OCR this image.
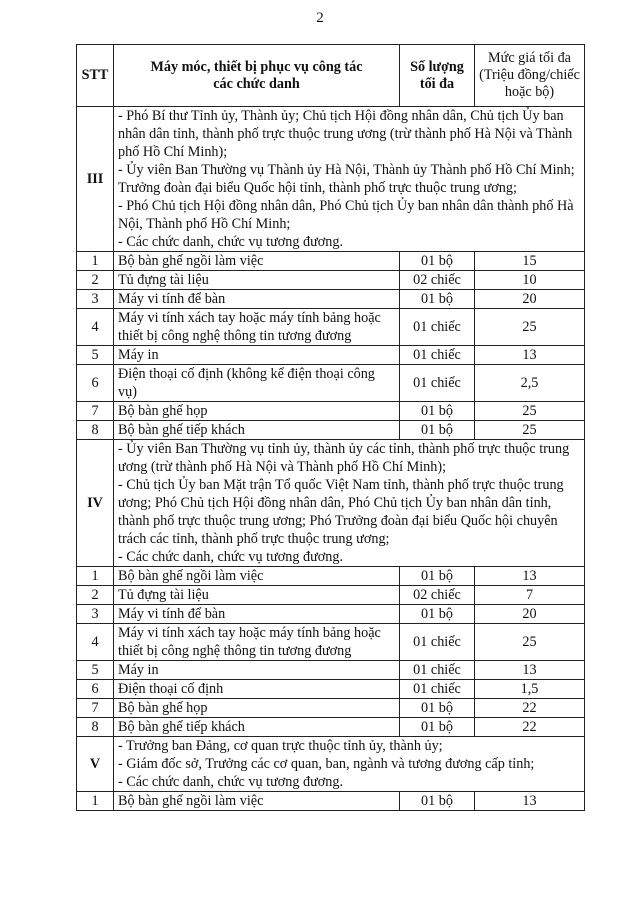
2
STT	Máy móc, thiết bị phục vụ công tác các chức danh	Số lượng tối đa	Mức giá tối đa (Triệu đồng/chiếc hoặc bộ)
III	- Phó Bí thư Tỉnh ủy, Thành ủy; Chủ tịch Hội đồng nhân dân, Chủ tịch Ủy ban nhân dân tỉnh, thành phố trực thuộc trung ương (trừ thành phố Hà Nội và Thành phố Hồ Chí Minh);
- Ủy viên Ban Thường vụ Thành ủy Hà Nội, Thành ủy Thành phố Hồ Chí Minh; Trưởng đoàn đại biểu Quốc hội tỉnh, thành phố trực thuộc trung ương;
- Phó Chủ tịch Hội đồng nhân dân, Phó Chủ tịch Ủy ban nhân dân thành phố Hà Nội, Thành phố Hồ Chí Minh;
- Các chức danh, chức vụ tương đương.		

1	Bộ bàn ghế ngồi làm việc	01 bộ	15
2	Tủ đựng tài liệu	02 chiếc	10
3	Máy vi tính để bàn	01 bộ	20
4	Máy vi tính xách tay hoặc máy tính bảng hoặc thiết bị công nghệ thông tin tương đương	01 chiếc	25
5	Máy in	01 chiếc	13
6	Điện thoại cố định (không kể điện thoại công vụ)	01 chiếc	2,5
7	Bộ bàn ghế họp	01 bộ	25
8	Bộ bàn ghế tiếp khách	01 bộ	25
IV	- Ủy viên Ban Thường vụ tỉnh ủy, thành ủy các tỉnh, thành phố trực thuộc trung ương (trừ thành phố Hà Nội và Thành phố Hồ Chí Minh);
- Chủ tịch Ủy ban Mặt trận Tổ quốc Việt Nam tỉnh, thành phố trực thuộc trung ương; Phó Chủ tịch Hội đồng nhân dân, Phó Chủ tịch Ủy ban nhân dân tỉnh, thành phố trực thuộc trung ương; Phó Trưởng đoàn đại biểu Quốc hội chuyên trách các tỉnh, thành phố trực thuộc trung ương;
- Các chức danh, chức vụ tương đương.		

1	Bộ bàn ghế ngồi làm việc	01 bộ	13
2	Tủ đựng tài liệu	02 chiếc	7
3	Máy vi tính để bàn	01 bộ	20
4	Máy vi tính xách tay hoặc máy tính bảng hoặc thiết bị công nghệ thông tin tương đương	01 chiếc	25
5	Máy in	01 chiếc	13
6	Điện thoại cố định	01 chiếc	1,5
7	Bộ bàn ghế họp	01 bộ	22
8	Bộ bàn ghế tiếp khách	01 bộ	22
V	- Trưởng ban Đảng, cơ quan trực thuộc tỉnh ủy, thành ủy;
- Giám đốc sở, Trưởng các cơ quan, ban, ngành và tương đương cấp tỉnh;
- Các chức danh, chức vụ tương đương.		

1	Bộ bàn ghế ngồi làm việc	01 bộ	13
